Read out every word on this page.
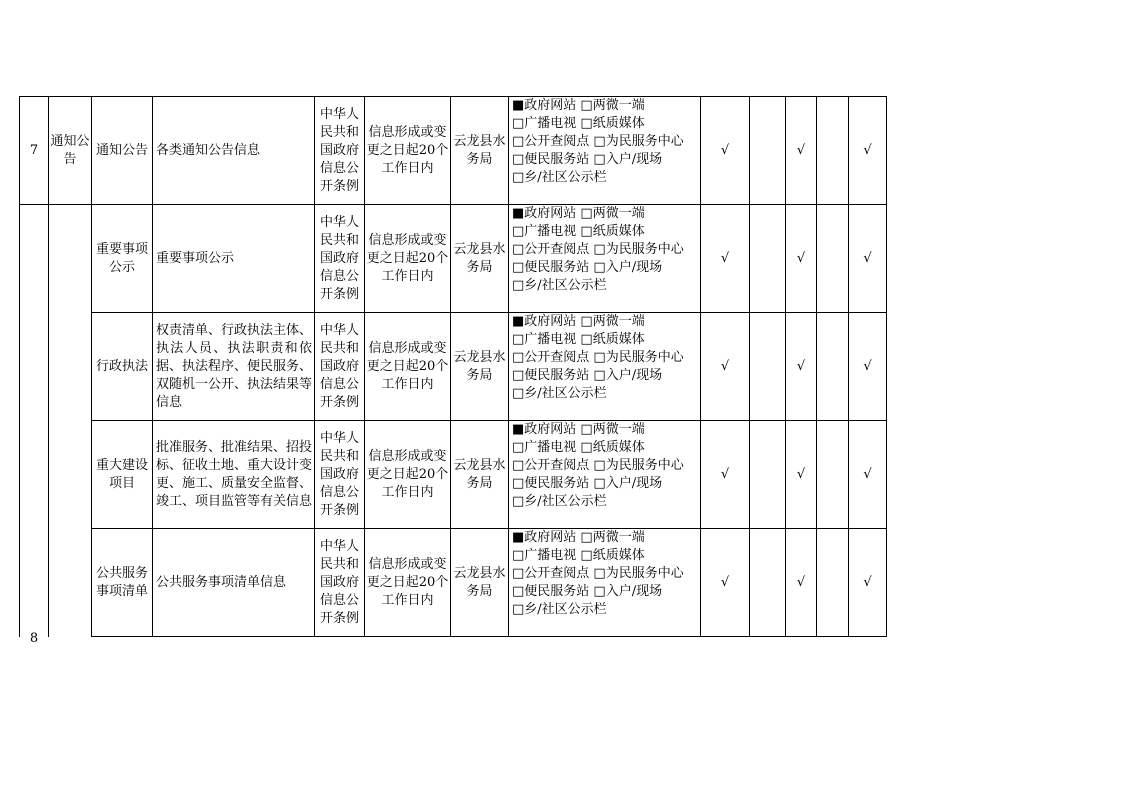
7	通知公告	通知公告	各类通知公告信息	中华人民共和国政府信息公开条例	信息形成或变更之日起20个工作日内	云龙县水务局	■政府网站 □两微一端
□广播电视 □纸质媒体
□公开查阅点 □为民服务中心
□便民服务站 □入户/现场
□乡/社区公示栏	√		√		√

8		重要事项公示	重要事项公示	中华人民共和国政府信息公开条例	信息形成或变更之日起20个工作日内	云龙县水务局	■政府网站 □两微一端
□广播电视 □纸质媒体
□公开查阅点 □为民服务中心
□便民服务站 □入户/现场
□乡/社区公示栏	√		√		√
		行政执法	权责清单、行政执法主体、执法人员、执法职责和依据、执法程序、便民服务、双随机一公开、执法结果等信息	中华人民共和国政府信息公开条例	信息形成或变更之日起20个工作日内	云龙县水务局	■政府网站 □两微一端
□广播电视 □纸质媒体
□公开查阅点 □为民服务中心
□便民服务站 □入户/现场
□乡/社区公示栏	√		√		√
		重大建设项目	批准服务、批准结果、招投标、征收土地、重大设计变更、施工、质量安全监督、竣工、项目监管等有关信息	中华人民共和国政府信息公开条例	信息形成或变更之日起20个工作日内	云龙县水务局	■政府网站 □两微一端
□广播电视 □纸质媒体
□公开查阅点 □为民服务中心
□便民服务站 □入户/现场
□乡/社区公示栏	√		√		√
		公共服务事项清单	公共服务事项清单信息	中华人民共和国政府信息公开条例	信息形成或变更之日起20个工作日内	云龙县水务局	■政府网站 □两微一端
□广播电视 □纸质媒体
□公开查阅点 □为民服务中心
□便民服务站 □入户/现场
□乡/社区公示栏	√		√		√
